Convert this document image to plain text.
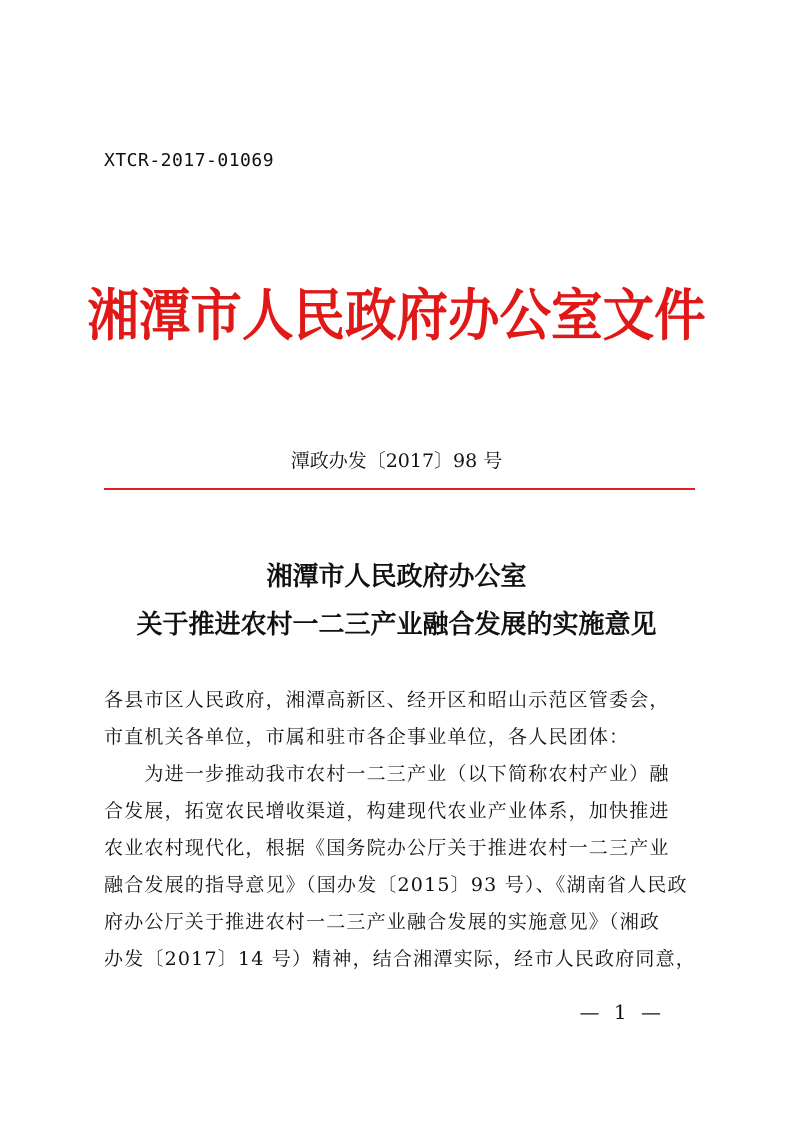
XTCR-2017-01069
湘潭市人民政府办公室文件
潭政办发〔2017〕98 号
湘潭市人民政府办公室
关于推进农村一二三产业融合发展的实施意见
各县市区人民政府，湘潭高新区、经开区和昭山示范区管委会，
市直机关各单位，市属和驻市各企事业单位，各人民团体：
　　为进一步推动我市农村一二三产业（以下简称农村产业）融
合发展，拓宽农民增收渠道，构建现代农业产业体系，加快推进
农业农村现代化，根据《国务院办公厅关于推进农村一二三产业
融合发展的指导意见》（国办发〔2015〕93 号）、《湖南省人民政
府办公厅关于推进农村一二三产业融合发展的实施意见》（湘政
办发〔2017〕14 号）精神，结合湘潭实际，经市人民政府同意，
— 1 —
